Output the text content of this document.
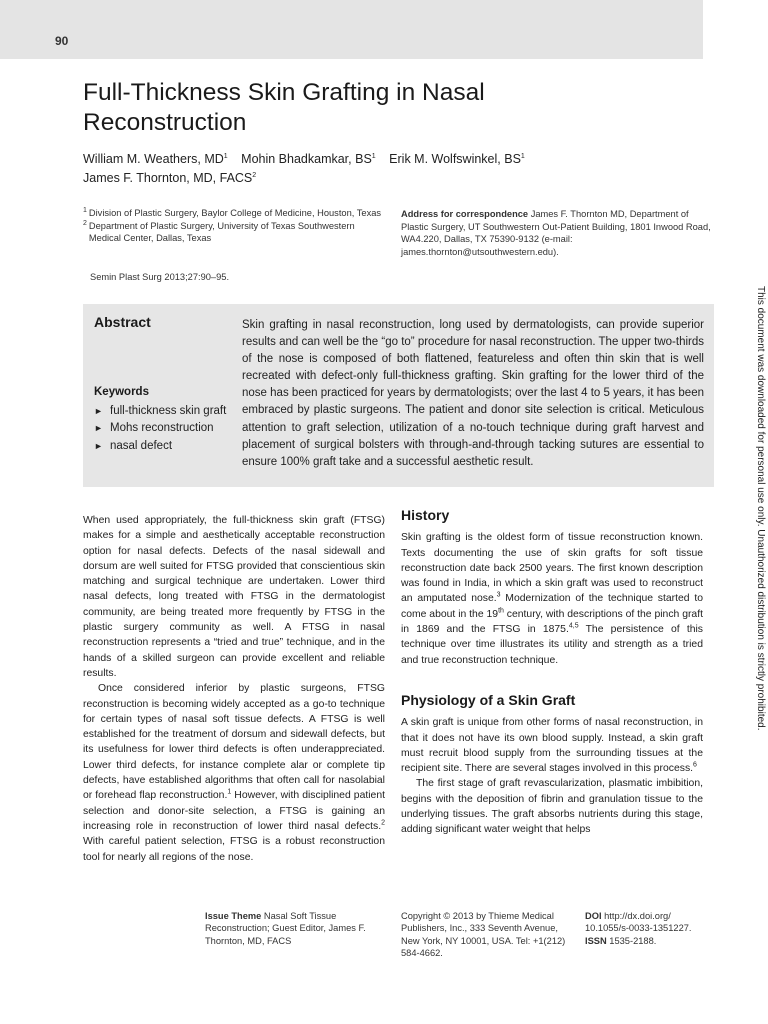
90
Full-Thickness Skin Grafting in Nasal Reconstruction
William M. Weathers, $MD^1$ Mohin Bhadkamkar, $BS^1$ Erik M. Wolfswinkel, $BS^1$
James F. Thornton, MD, FACS$^2$
1 Division of Plastic Surgery, Baylor College of Medicine, Houston, Texas
2 Department of Plastic Surgery, University of Texas Southwestern Medical Center, Dallas, Texas
Address for correspondence James F. Thornton MD, Department of Plastic Surgery, UT Southwestern Out-Patient Building, 1801 Inwood Road, WA4.220, Dallas, TX 75390-9132 (e-mail: james.thornton@utsouthwestern.edu).
Semin Plast Surg 2013;27:90–95.
Abstract
Keywords
► full-thickness skin graft
► Mohs reconstruction
► nasal defect

Skin grafting in nasal reconstruction, long used by dermatologists, can provide superior results and can well be the “go to” procedure for nasal reconstruction. The upper two-thirds of the nose is composed of both flattened, featureless and often thin skin that is well recreated with defect-only full-thickness grafting. Skin grafting for the lower third of the nose has been practiced for years by dermatologists; over the last 4 to 5 years, it has been embraced by plastic surgeons. The patient and donor site selection is critical. Meticulous attention to graft selection, utilization of a no-touch technique during graft harvest and placement of surgical bolsters with through-and-through tacking sutures are essential to ensure 100% graft take and a successful aesthetic result.

When used appropriately, the full-thickness skin graft (FTSG) makes for a simple and aesthetically acceptable reconstruction option for nasal defects. Defects of the nasal sidewall and dorsum are well suited for FTSG provided that conscientious skin matching and surgical technique are undertaken. Lower third nasal defects, long treated with FTSG in the dermatologist community, are being treated more frequently by FTSG in the plastic surgery community as well. A FTSG in nasal reconstruction represents a “tried and true” technique, and in the hands of a skilled surgeon can provide excellent and reliable results.

Once considered inferior by plastic surgeons, FTSG reconstruction is becoming widely accepted as a go-to technique for certain types of nasal soft tissue defects. A FTSG is well established for the treatment of dorsum and sidewall defects, but its usefulness for lower third defects is often underappreciated. Lower third defects, for instance complete alar or complete tip defects, have established algorithms that often call for nasolabial or forehead flap reconstruction.$^1$ However, with disciplined patient selection and donor-site selection, a FTSG is gaining an increasing role in reconstruction of lower third nasal defects.$^2$ With careful patient selection, FTSG is a robust reconstruction tool for nearly all regions of the nose.

History

Skin grafting is the oldest form of tissue reconstruction known. Texts documenting the use of skin grafts for soft tissue reconstruction date back 2500 years. The first known description was found in India, in which a skin graft was used to reconstruct an amputated nose.$^3$ Modernization of the technique started to come about in the 19th century, with descriptions of the pinch graft in 1869 and the FTSG in 1875.$^{4,5}$ The persistence of this technique over time illustrates its utility and strength as a tried and true reconstruction technique.

Physiology of a Skin Graft

A skin graft is unique from other forms of nasal reconstruction, in that it does not have its own blood supply. Instead, a skin graft must recruit blood supply from the surrounding tissues at the recipient site. There are several stages involved in this process.$^6$

The first stage of graft revascularization, plasmatic imbibition, begins with the deposition of fibrin and granulation tissue to the underlying tissues. The graft absorbs nutrients during this stage, adding significant water weight that helps

This document was downloaded for personal use only. Unauthorized distribution is strictly prohibited.
Issue Theme Nasal Soft Tissue Reconstruction; Guest Editor, James F. Thornton, MD, FACS
Copyright © 2013 by Thieme Medical Publishers, Inc., 333 Seventh Avenue, New York, NY 10001, USA. Tel: +1(212) 584-4662.
DOI http://dx.doi.org/ 10.1055/s-0033-1351227.
ISSN 1535-2188.
